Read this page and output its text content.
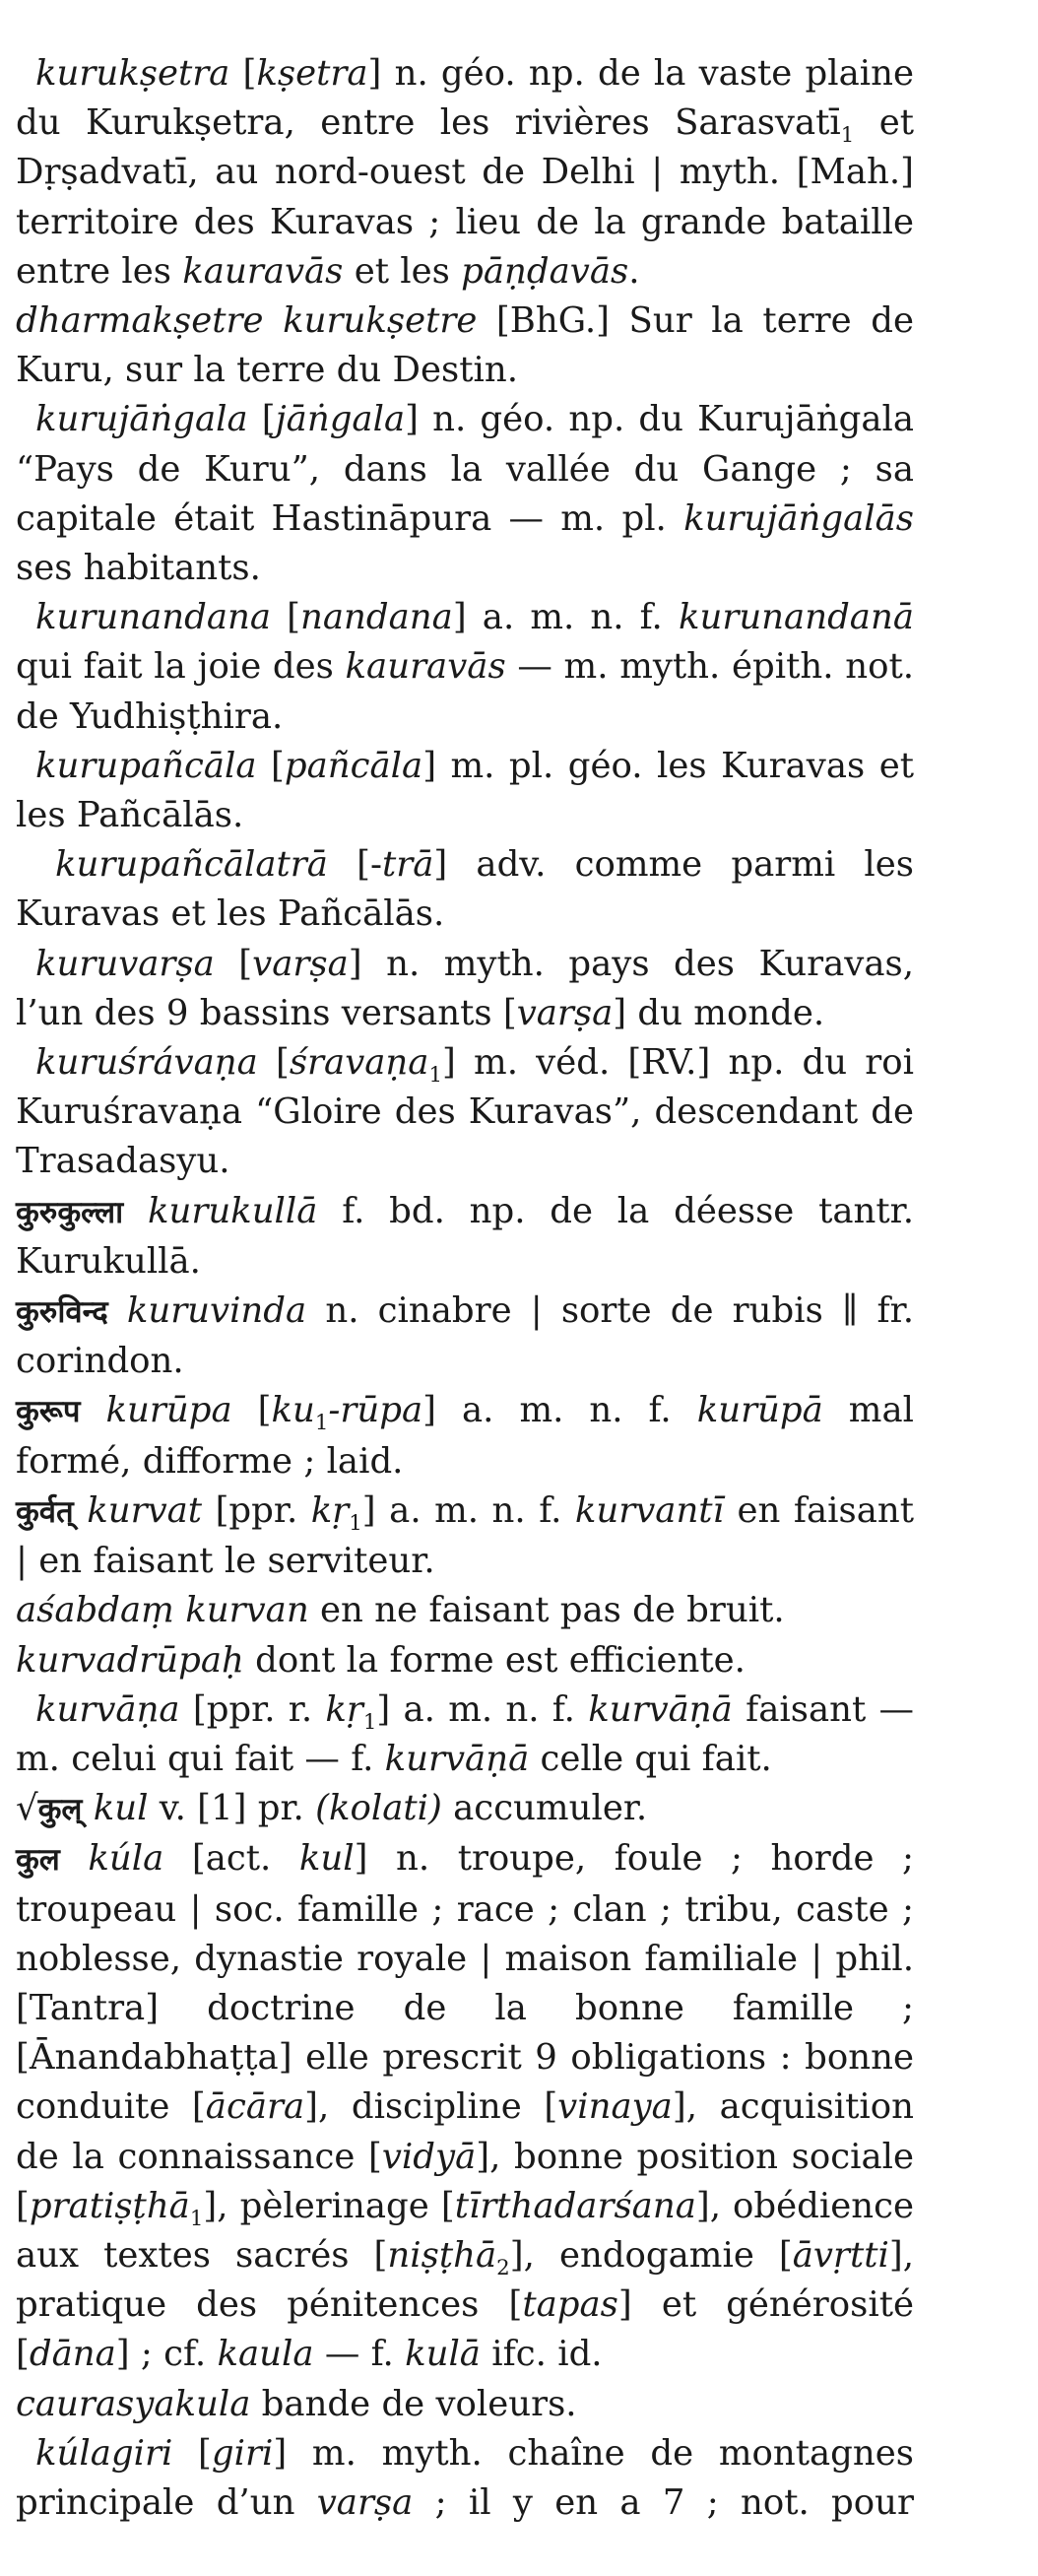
kurukṣetra [kṣetra] n. géo. np. de la vaste plaine du Kurukṣetra, entre les rivières Sarasvatī$_1$ et Dṛṣadvatī, au nord-ouest de Delhi | myth. [Mah.] territoire des Kuravas ; lieu de la grande bataille entre les kauravās et les pāṇḍavās.

dharmakṣetre kurukṣetre [BhG.] Sur la terre de Kuru, sur la terre du Destin.

kurujāṅgala [jāṅgala] n. géo. np. du Kurujāṅgala “Pays de Kuru”, dans la vallée du Gange ; sa capitale était Hastināpura — m. pl. kurujāṅgalās ses habitants.

kurunandana [nandana] a. m. n. f. kurunandanā qui fait la joie des kauravās — m. myth. épith. not. de Yudhiṣṭhira.

kurupañcāla [pañcāla] m. pl. géo. les Kuravas et les Pañcālās.

kurupañcālatrā [-trā] adv. comme parmi les Kuravas et les Pañcālās.

kuruvarṣa [varṣa] n. myth. pays des Kuravas, l’un des 9 bassins versants [varṣa] du monde.

kuruśrávaṇa [śravaṇa$_1$] m. véd. [RV.] np. du roi Kuruśravaṇa “Gloire des Kuravas”, descendant de Trasadasyu.

कुरुकुल्ला kurukullā f. bd. np. de la déesse tantr. Kurukullā.

कुरुविन्द kuruvinda n. cinabre | sorte de rubis ∥ fr. corindon.

कुरूप kurūpa $[ku_1-rūpa]$ a. m. n. f. kurūpā mal formé, difforme ; laid.

कुर्वत् kurvat [ppr. kṛ$_1$] a. m. n. f. kurvantī en faisant | en faisant le serviteur.

aśabdaṃ kurvan en ne faisant pas de bruit.

kurvadrūpaḥ dont la forme est efficiente.

kurvāṇa [ppr. r. kṛ$_1$] a. m. n. f. kurvāṇā faisant — m. celui qui fait — f. kurvāṇā celle qui fait.

√कुल् kul v. [1] pr. (kolati) accumuler.

कुल kúla [act. kul] n. troupe, foule ; horde ; troupeau | soc. famille ; race ; clan ; tribu, caste ; noblesse, dynastie royale | maison familiale | phil. [Tantra] doctrine de la bonne famille ; [Ānandabhaṭṭa] elle prescrit 9 obligations : bonne conduite [ācāra], discipline [vinaya], acquisition de la connaissance [vidyā], bonne position sociale [pratiṣṭhā$_1$], pèlerinage [tīrthadarśana], obédience aux textes sacrés [niṣṭhā$_2$], endogamie [āvṛtti], pratique des pénitences [tapas] et générosité [dāna] ; cf. kaula — f. kulā ifc. id.

caurasyakula bande de voleurs.

kúlagiri [giri] m. myth. chaîne de montagnes principale d’un varṣa ; il y en a 7 ; not. pour
